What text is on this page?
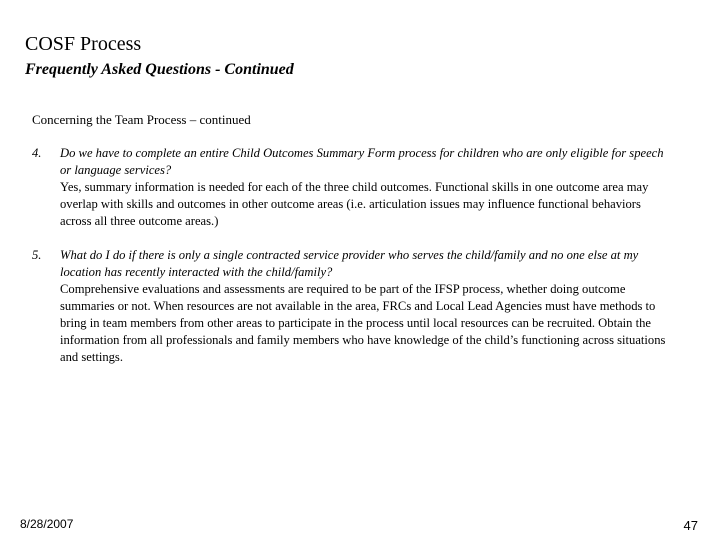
COSF Process
Frequently Asked Questions - Continued
Concerning the Team Process – continued
4. Do we have to complete an entire Child Outcomes Summary Form process for children who are only eligible for speech or language services?
Yes, summary information is needed for each of the three child outcomes. Functional skills in one outcome area may overlap with skills and outcomes in other outcome areas (i.e. articulation issues may influence functional behaviors across all three outcome areas.)
5. What do I do if there is only a single contracted service provider who serves the child/family and no one else at my location has recently interacted with the child/family?
Comprehensive evaluations and assessments are required to be part of the IFSP process, whether doing outcome summaries or not. When resources are not available in the area, FRCs and Local Lead Agencies must have methods to bring in team members from other areas to participate in the process until local resources can be recruited. Obtain the information from all professionals and family members who have knowledge of the child’s functioning across situations and settings.
8/28/2007	47
